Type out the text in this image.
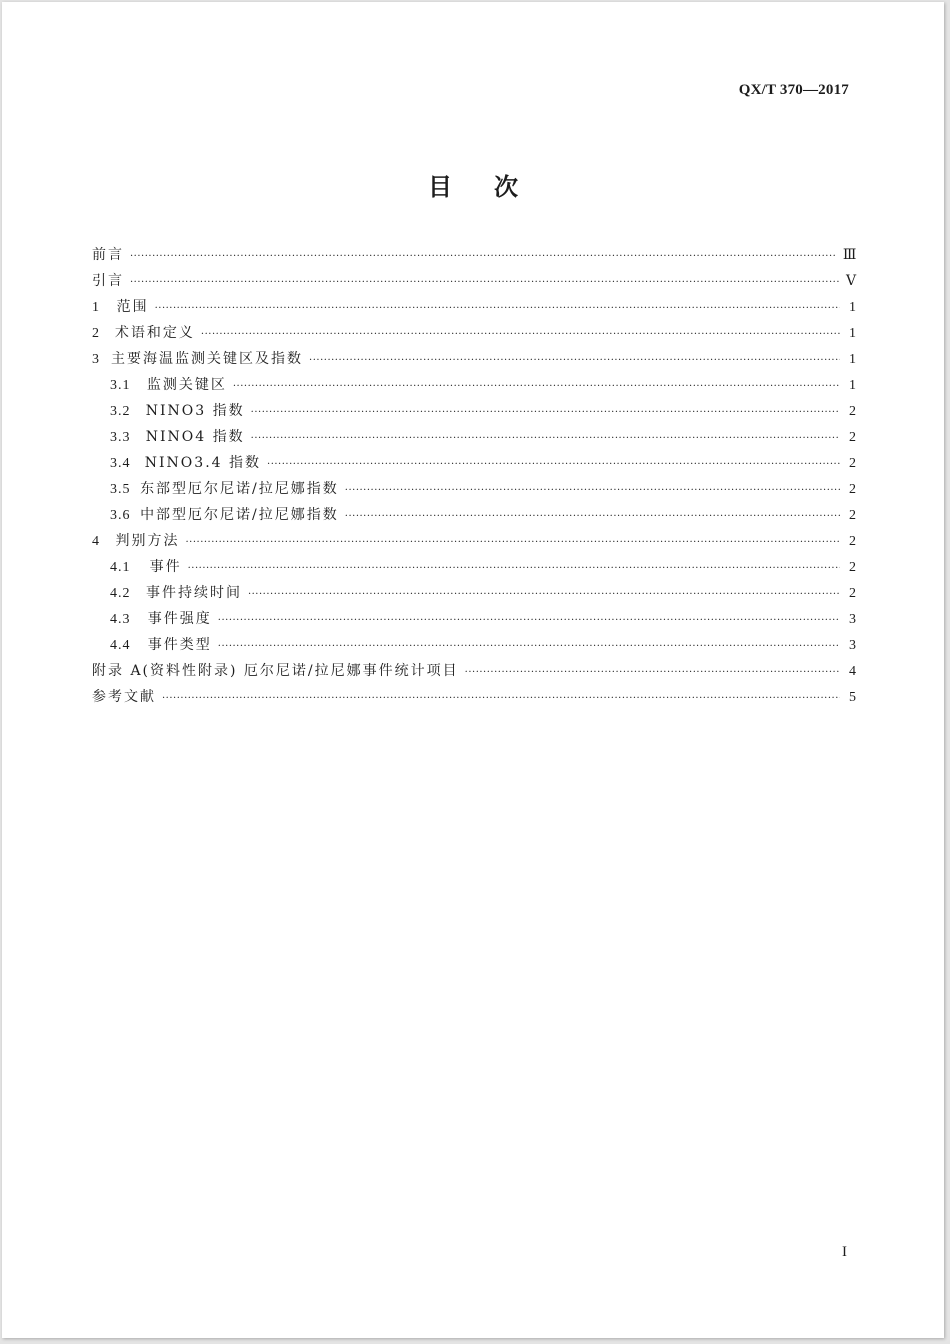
QX/T 370—2017
目次
前言 ·····	Ⅲ
引言 ·····	Ⅴ
1	范围 ·····	1
2	术语和定义 ·····	1
3 主要海温监测关键区及指数 ·····	1
3.1	监测关键区 ·····	1
3.2	NINO3 指数 ·····	2
3.3	NINO4 指数 ·····	2
3.4	NINO3.4 指数 ·····	2
3.5 东部型厄尔尼诺/拉尼娜指数 ·····	2
3.6 中部型厄尔尼诺/拉尼娜指数 ·····	2
4	判别方法 ·····	2
4.1	事件 ·····	2
4.2	事件持续时间 ·····	2
4.3	事件强度 ·····	3
4.4	事件类型 ·····	3
附录 A(资料性附录) 厄尔尼诺/拉尼娜事件统计项目 ·····	4
参考文献 ·····	5
I
